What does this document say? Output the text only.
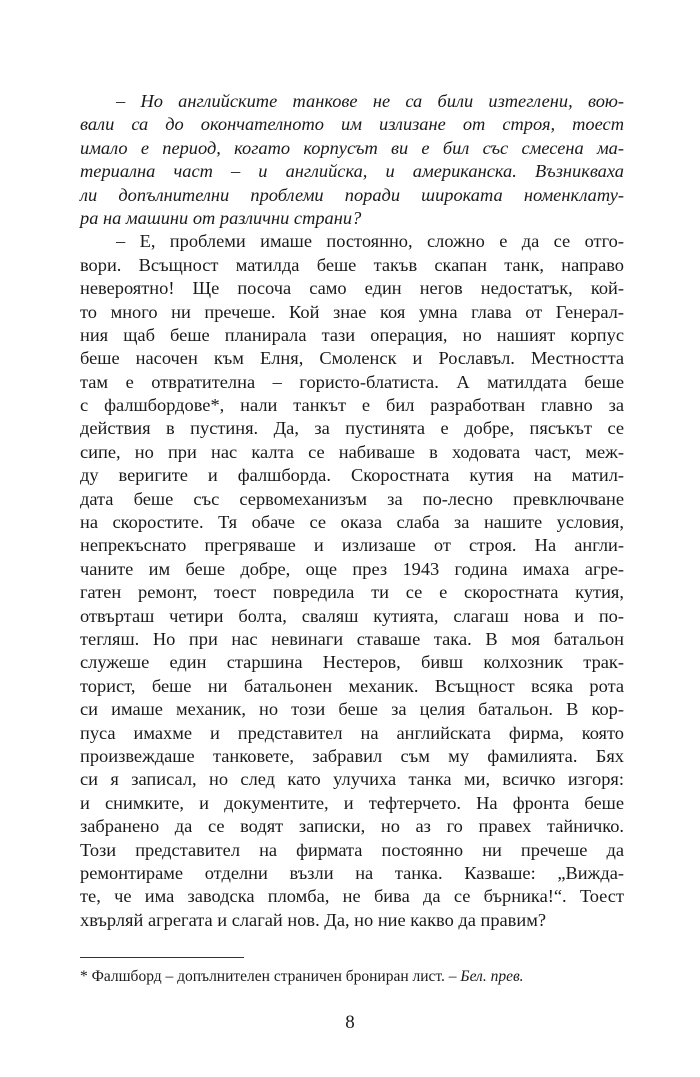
– Но английските танкове не са били изтеглени, вою-
вали са до окончателното им излизане от строя, тоест
имало е период, когато корпусът ви е бил със смесена ма-
териална част – и английска, и американска. Възникваха
ли допълнителни проблеми поради широката номенклату-
ра на машини от различни страни?
– Е, проблеми имаше постоянно, сложно е да се отго-
вори. Всъщност матилда беше такъв скапан танк, направо
невероятно! Ще посоча само един негов недостатък, кой-
то много ни пречеше. Кой знае коя умна глава от Генерал-
ния щаб беше планирала тази операция, но нашият корпус
беше насочен към Елня, Смоленск и Рославъл. Местността
там е отвратителна – гористо-блатиста. А матилдата беше
с фалшбордове*, нали танкът е бил разработван главно за
действия в пустиня. Да, за пустинята е добре, пясъкът се
сипе, но при нас калта се набиваше в ходовата част, меж-
ду веригите и фалшборда. Скоростната кутия на матил-
дата беше със сервомеханизъм за по-лесно превключване
на скоростите. Тя обаче се оказа слаба за нашите условия,
непрекъснато прегряваше и излизаше от строя. На англи-
чаните им беше добре, още през 1943 година имаха агре-
гатен ремонт, тоест повредила ти се е скоростната кутия,
отвърташ четири болта, сваляш кутията, слагаш нова и по-
тегляш. Но при нас невинаги ставаше така. В моя батальон
служеше един старшина Нестеров, бивш колхозник трак-
торист, беше ни батальонен механик. Всъщност всяка рота
си имаше механик, но този беше за целия батальон. В кор-
пуса имахме и представител на английската фирма, която
произвеждаше танковете, забравил съм му фамилията. Бях
си я записал, но след като улучиха танка ми, всичко изгоря:
и снимките, и документите, и тефтерчето. На фронта беше
забранено да се водят записки, но аз го правех тайничко.
Този представител на фирмата постоянно ни пречеше да
ремонтираме отделни възли на танка. Казваше: „Вижда-
те, че има заводска пломба, не бива да се бърника!“. Тоест
хвърляй агрегата и слагай нов. Да, но ние какво да правим?
* Фалшборд – допълнителен страничен брониран лист. – Бел. прев.
8
